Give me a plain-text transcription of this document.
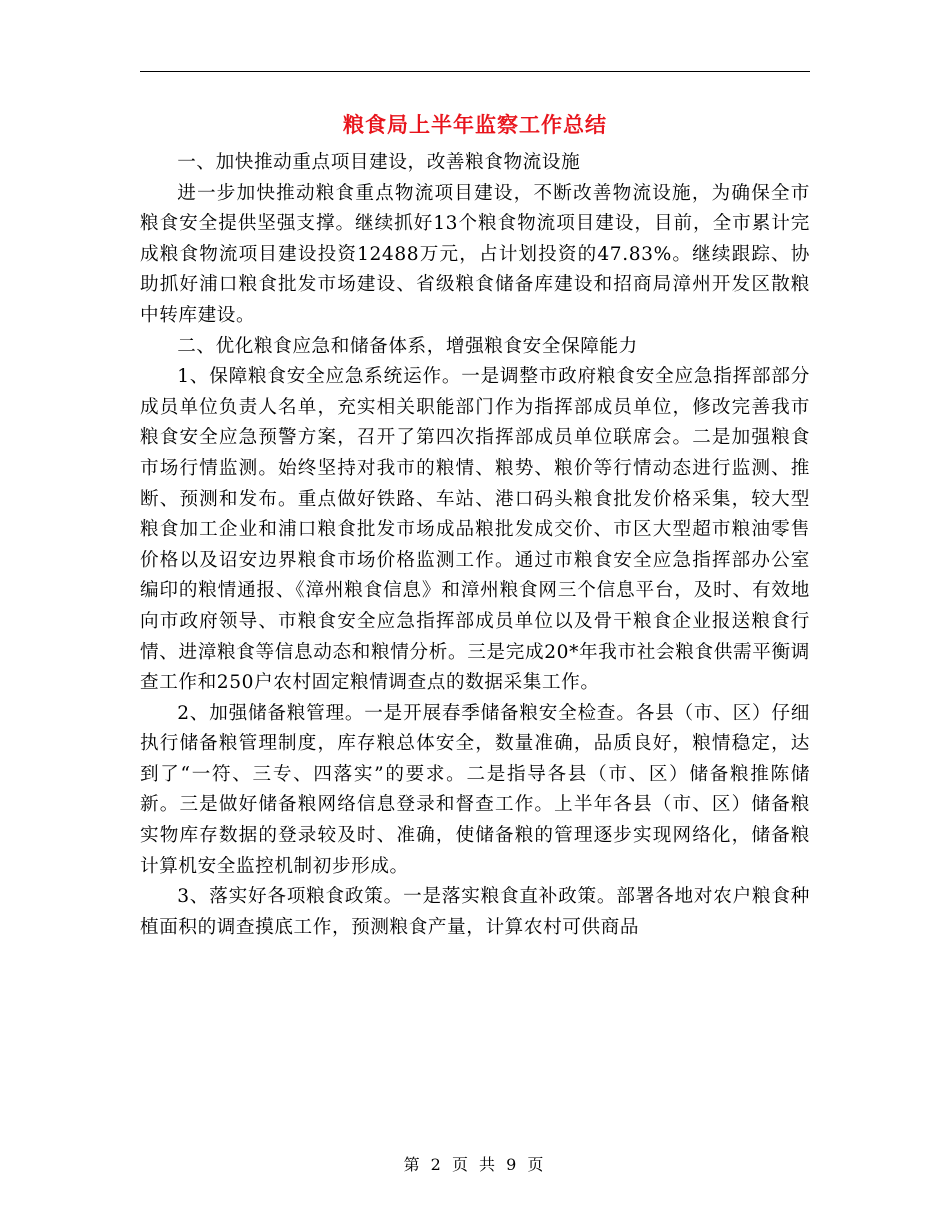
粮食局上半年监察工作总结

一、加快推动重点项目建设，改善粮食物流设施

进一步加快推动粮食重点物流项目建设，不断改善物流设施，为确保全市粮食安全提供坚强支撑。继续抓好13个粮食物流项目建设，目前，全市累计完成粮食物流项目建设投资12488万元，占计划投资的47.83%。继续跟踪、协助抓好浦口粮食批发市场建设、省级粮食储备库建设和招商局漳州开发区散粮中转库建设。

二、优化粮食应急和储备体系，增强粮食安全保障能力

1、保障粮食安全应急系统运作。一是调整市政府粮食安全应急指挥部部分成员单位负责人名单，充实相关职能部门作为指挥部成员单位，修改完善我市粮食安全应急预警方案，召开了第四次指挥部成员单位联席会。二是加强粮食市场行情监测。始终坚持对我市的粮情、粮势、粮价等行情动态进行监测、推断、预测和发布。重点做好铁路、车站、港口码头粮食批发价格采集，较大型粮食加工企业和浦口粮食批发市场成品粮批发成交价、市区大型超市粮油零售价格以及诏安边界粮食市场价格监测工作。通过市粮食安全应急指挥部办公室编印的粮情通报、《漳州粮食信息》和漳州粮食网三个信息平台，及时、有效地向市政府领导、市粮食安全应急指挥部成员单位以及骨干粮食企业报送粮食行情、进漳粮食等信息动态和粮情分析。三是完成20*年我市社会粮食供需平衡调查工作和250户农村固定粮情调查点的数据采集工作。

2、加强储备粮管理。一是开展春季储备粮安全检查。各县（市、区）仔细执行储备粮管理制度，库存粮总体安全，数量准确，品质良好，粮情稳定，达到了“一符、三专、四落实”的要求。二是指导各县（市、区）储备粮推陈储新。三是做好储备粮网络信息登录和督查工作。上半年各县（市、区）储备粮实物库存数据的登录较及时、准确，使储备粮的管理逐步实现网络化，储备粮计算机安全监控机制初步形成。

3、落实好各项粮食政策。一是落实粮食直补政策。部署各地对农户粮食种植面积的调查摸底工作，预测粮食产量，计算农村可供商品

第 2 页 共 9 页
